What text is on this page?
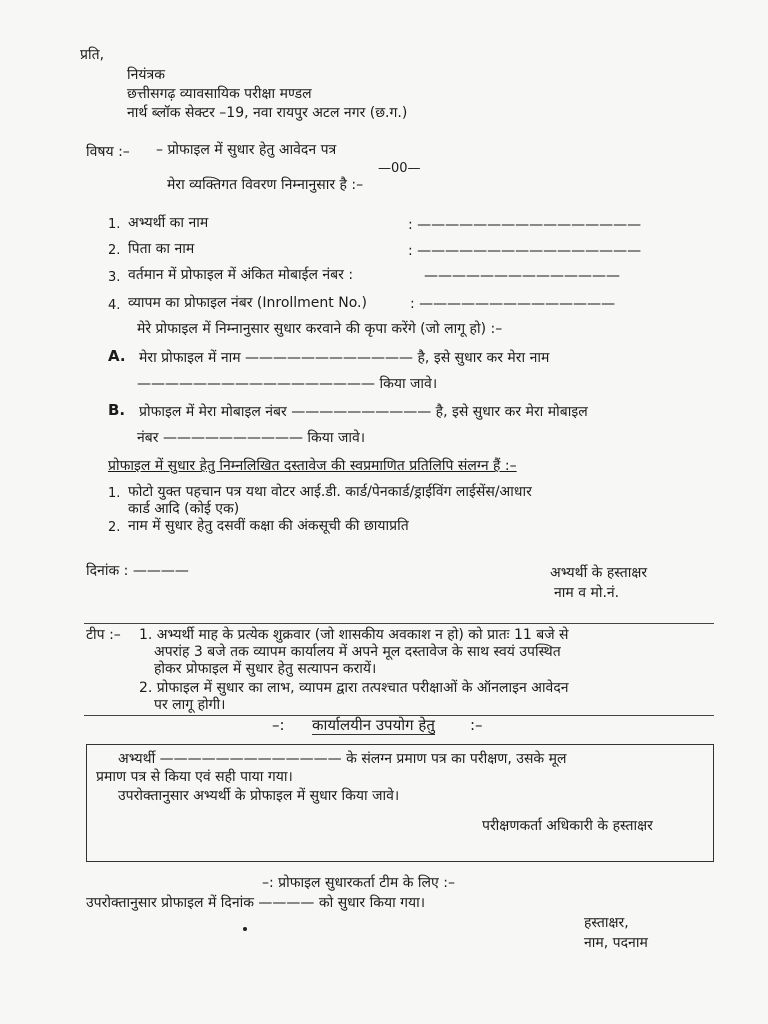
प्रति,
नियंत्रक
छत्तीसगढ़ व्यावसायिक परीक्षा मण्डल
नार्थ ब्लॉक सेक्टर –19, नवा रायपुर अटल नगर (छ.ग.)
विषय :– – प्रोफाइल में सुधार हेतु आवेदन पत्र
—00—
मेरा व्यक्तिगत विवरण निम्नानुसार है :–
1. अभ्यर्थी का नाम	: ————————————————
2. पिता का नाम	: ————————————————
3. वर्तमान में प्रोफाइल में अंकित मोबाईल नंबर :	——————————————
4. व्यापम का प्रोफाइल नंबर (Inrollment No.)	: ——————————————
मेरे प्रोफाइल में निम्नानुसार सुधार करवाने की कृपा करेंगे (जो लागू हो) :–
A. मेरा प्रोफाइल में नाम ———————————— है, इसे सुधार कर मेरा नाम
————————————————— किया जावे।
B. प्रोफाइल में मेरा मोबाइल नंबर —————————— है, इसे सुधार कर मेरा मोबाइल
नंबर —————————— किया जावे।
प्रोफाइल में सुधार हेतु निम्नलिखित दस्तावेज की स्वप्रमाणित प्रतिलिपि संलग्न हैं :–
1. फोटो युक्त पहचान पत्र यथा वोटर आई.डी. कार्ड/पेनकार्ड/ड्राईविंग लाईसेंस/आधार
कार्ड आदि (कोई एक)
2. नाम में सुधार हेतु दसवीं कक्षा की अंकसूची की छायाप्रति
दिनांक : ————	अभ्यर्थी के हस्ताक्षर
नाम व मो.नं.
टीप :– 1. अभ्यर्थी माह के प्रत्येक शुक्रवार (जो शासकीय अवकाश न हो) को प्रातः 11 बजे से
अपरांह 3 बजे तक व्यापम कार्यालय में अपने मूल दस्तावेज के साथ स्वयं उपस्थित
होकर प्रोफाइल में सुधार हेतु सत्यापन करायें।
2. प्रोफाइल में सुधार का लाभ, व्यापम द्वारा तत्पश्चात परीक्षाओं के ऑनलाइन आवेदन
पर लागू होगी।
–: कार्यालयीन उपयोग हेतु :–
अभ्यर्थी ————————————— के संलग्न प्रमाण पत्र का परीक्षण, उसके मूल
प्रमाण पत्र से किया एवं सही पाया गया।
उपरोक्तानुसार अभ्यर्थी के प्रोफाइल में सुधार किया जावे।
परीक्षणकर्ता अधिकारी के हस्ताक्षर
–: प्रोफाइल सुधारकर्ता टीम के लिए :–
उपरोक्तानुसार प्रोफाइल में दिनांक ———— को सुधार किया गया।
हस्ताक्षर,
नाम, पदनाम
